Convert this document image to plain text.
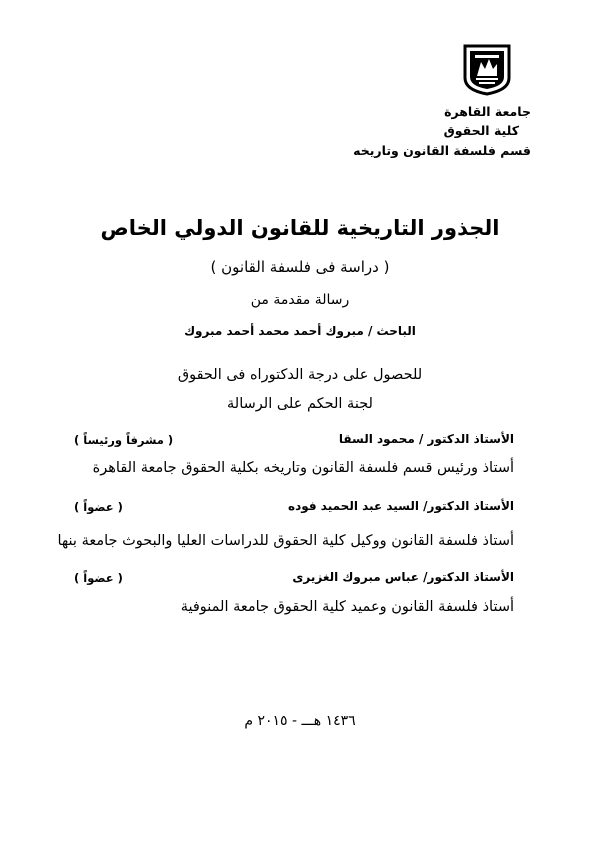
جامعة القاهرة
كلية الحقوق
قسم فلسفة القانون وتاريخه
الجذور التاريخية للقانون الدولي الخاص
( دراسة فى فلسفة القانون )
رسالة مقدمة من
الباحث / مبروك أحمد محمد أحمد مبروك
للحصول على درجة الدكتوراه فى الحقوق
لجنة الحكم على الرسالة
الأستاذ الدكتور / محمود السقا
( مشرفاً ورئيساً )
أستاذ ورئيس قسم فلسفة القانون وتاريخه بكلية الحقوق جامعة القاهرة
الأستاذ الدكتور/ السيد عبد الحميد فوده
( عضواً )
أستاذ فلسفة القانون ووكيل كلية الحقوق للدراسات العليا والبحوث جامعة بنها
الأستاذ الدكتور/ عباس مبروك الغزيرى
( عضواً )
أستاذ فلسفة القانون وعميد كلية الحقوق جامعة المنوفية
١٤٣٦ هـــ - ٢٠١٥ م
